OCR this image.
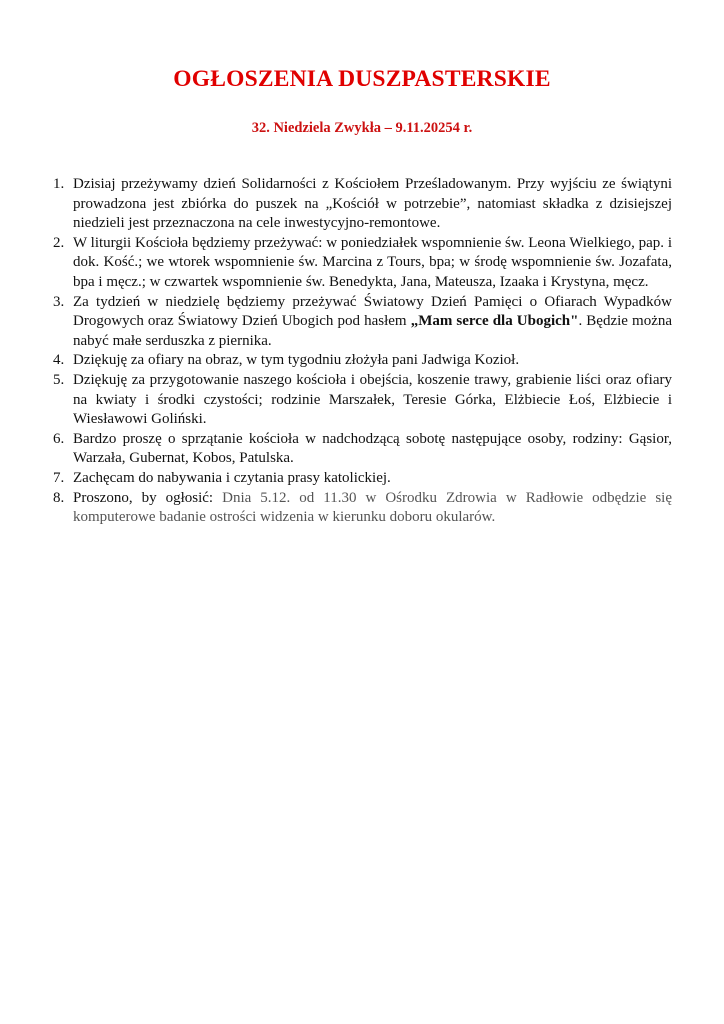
OGŁOSZENIA DUSZPASTERSKIE
32. Niedziela Zwykła – 9.11.20254 r.
1. Dzisiaj przeżywamy dzień Solidarności z Kościołem Prześladowanym. Przy wyjściu ze świątyni prowadzona jest zbiórka do puszek na „Kościół w potrzebie”, natomiast składka z dzisiejszej niedzieli jest przeznaczona na cele inwestycyjno-remontowe.
2. W liturgii Kościoła będziemy przeżywać: w poniedziałek wspomnienie św. Leona Wielkiego, pap. i dok. Kość.; we wtorek wspomnienie św. Marcina z Tours, bpa; w środę wspomnienie św. Jozafata, bpa i męcz.; w czwartek wspomnienie św. Benedykta, Jana, Mateusza, Izaaka i Krystyna, męcz.
3. Za tydzień w niedzielę będziemy przeżywać Światowy Dzień Pamięci o Ofiarach Wypadków Drogowych oraz Światowy Dzień Ubogich pod hasłem „Mam serce dla Ubogich". Będzie można nabyć małe serduszka z piernika.
4. Dziękuję za ofiary na obraz, w tym tygodniu złożyła pani Jadwiga Kozioł.
5. Dziękuję za przygotowanie naszego kościoła i obejścia, koszenie trawy, grabienie liści oraz ofiary na kwiaty i środki czystości; rodzinie Marszałek, Teresie Górka, Elżbiecie Łoś, Elżbiecie i Wiesławowi Goliński.
6. Bardzo proszę o sprzątanie kościoła w nadchodzącą sobotę następujące osoby, rodziny: Gąsior, Warzała, Gubernat, Kobos, Patulska.
7. Zachęcam do nabywania i czytania prasy katolickiej.
8. Proszono, by ogłosić: Dnia 5.12. od 11.30 w Ośrodku Zdrowia w Radłowie odbędzie się komputerowe badanie ostrości widzenia w kierunku doboru okularów.
